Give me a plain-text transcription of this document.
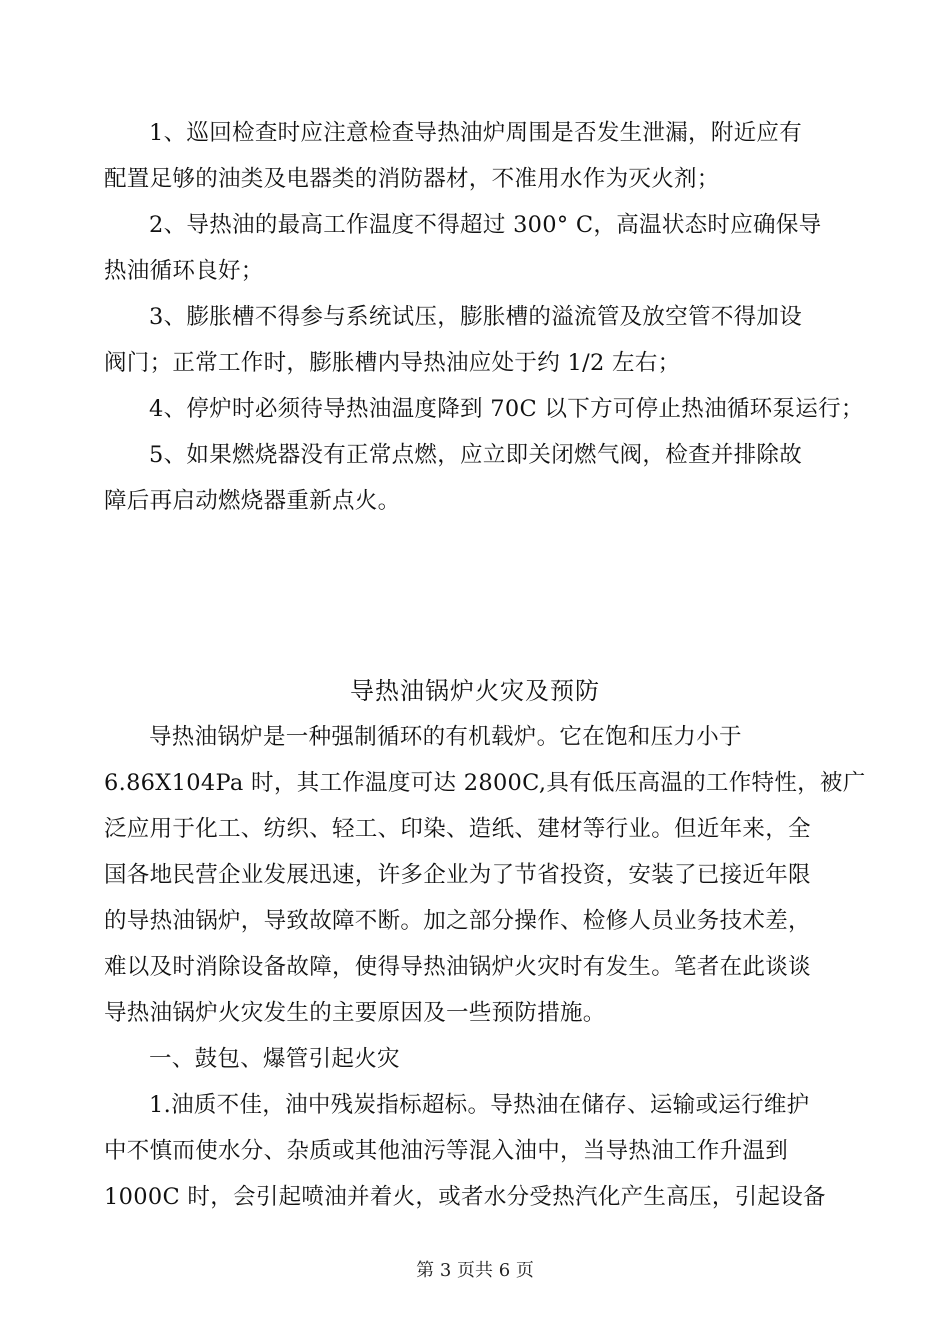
1、巡回检查时应注意检查导热油炉周围是否发生泄漏，附近应有
配置足够的油类及电器类的消防器材，不准用水作为灭火剂；
2、导热油的最高工作温度不得超过 300° C，高温状态时应确保导
热油循环良好；
3、膨胀槽不得参与系统试压，膨胀槽的溢流管及放空管不得加设
阀门；正常工作时，膨胀槽内导热油应处于约 1/2 左右；
4、停炉时必须待导热油温度降到 70C 以下方可停止热油循环泵运行；
5、如果燃烧器没有正常点燃，应立即关闭燃气阀，检查并排除故
障后再启动燃烧器重新点火。
导热油锅炉火灾及预防
导热油锅炉是一种强制循环的有机载炉。它在饱和压力小于
6.86X104Pa 时，其工作温度可达 2800C,具有低压高温的工作特性，被广
泛应用于化工、纺织、轻工、印染、造纸、建材等行业。但近年来，全
国各地民营企业发展迅速，许多企业为了节省投资，安装了已接近年限
的导热油锅炉，导致故障不断。加之部分操作、检修人员业务技术差，
难以及时消除设备故障，使得导热油锅炉火灾时有发生。笔者在此谈谈
导热油锅炉火灾发生的主要原因及一些预防措施。
一、鼓包、爆管引起火灾
1.油质不佳，油中残炭指标超标。导热油在储存、运输或运行维护
中不慎而使水分、杂质或其他油污等混入油中，当导热油工作升温到
1000C 时，会引起喷油并着火，或者水分受热汽化产生高压，引起设备
第 3 页共 6 页
